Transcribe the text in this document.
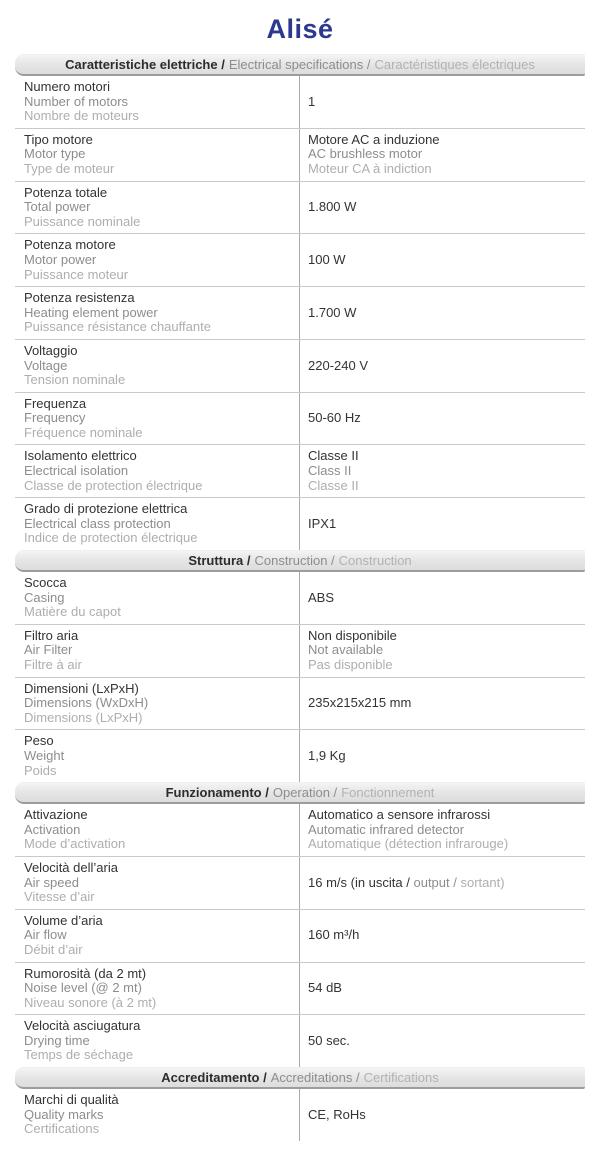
Alisé
Caratteristiche elettriche / Electrical specifications / Caractéristiques électriques
Numero motori
Number of motors
Nombre de moteurs
1
Tipo motore
Motor type
Type de moteur
Motore AC a induzione
AC brushless motor
Moteur CA à indiction
Potenza totale
Total power
Puissance nominale
1.800 W
Potenza motore
Motor power
Puissance moteur
100 W
Potenza resistenza
Heating element power
Puissance résistance chauffante
1.700 W
Voltaggio
Voltage
Tension nominale
220-240 V
Frequenza
Frequency
Fréquence nominale
50-60 Hz
Isolamento elettrico
Electrical isolation
Classe de protection électrique
Classe II
Class II
Classe II
Grado di protezione elettrica
Electrical class protection
Indice de protection électrique
IPX1
Struttura / Construction / Construction
Scocca
Casing
Matière du capot
ABS
Filtro aria
Air Filter
Filtre à air
Non disponibile
Not available
Pas disponible
Dimensioni (LxPxH)
Dimensions (WxDxH)
Dimensions (LxPxH)
235x215x215 mm
Peso
Weight
Poids
1,9 Kg
Funzionamento / Operation / Fonctionnement
Attivazione
Activation
Mode d’activation
Automatico a sensore infrarossi
Automatic infrared detector
Automatique (détection infrarouge)
Velocità dell’aria
Air speed
Vitesse d’air
16 m/s (in uscita / output / sortant)
Volume d’aria
Air flow
Débit d’air
160 m³/h
Rumorosità (da 2 mt)
Noise level (@ 2 mt)
Niveau sonore (à 2 mt)
54 dB
Velocità asciugatura
Drying time
Temps de séchage
50 sec.
Accreditamento / Accreditations / Certifications
Marchi di qualità
Quality marks
Certifications
CE, RoHs
